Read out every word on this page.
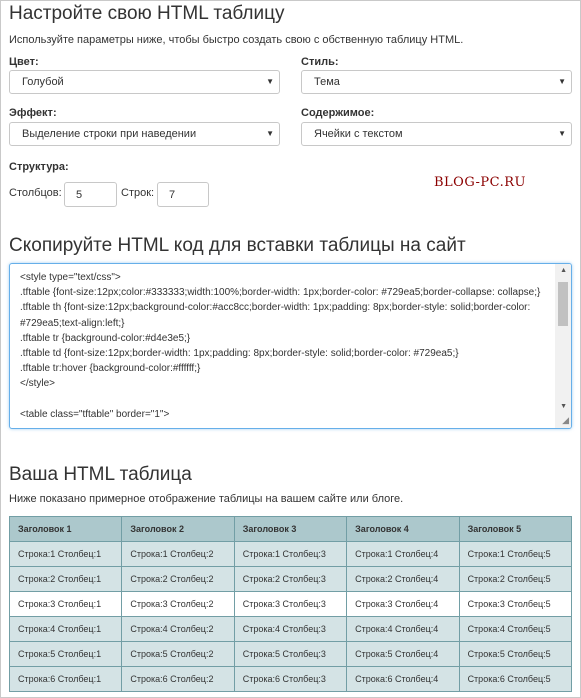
Настройте свою HTML таблицу
Используйте параметры ниже, чтобы быстро создать свою с обственную таблицу HTML.
Цвет:
Голубой	▼
Стиль:
Тема	▼
Эффект:
Выделение строки при наведении	▼
Содержимое:
Ячейки с текстом	▼
Структура:
Столбцов:	5	Строк:	7
BLOG-PC.RU
Скопируйте HTML код для вставки таблицы на сайт
<style type="text/css">
.tftable {font-size:12px;color:#333333;width:100%;border-width: 1px;border-color: #729ea5;border-collapse: collapse;}
.tftable th {font-size:12px;background-color:#acc8cc;border-width: 1px;padding: 8px;border-style: solid;border-color: #729ea5;text-align:left;}
.tftable tr {background-color:#d4e3e5;}
.tftable td {font-size:12px;border-width: 1px;padding: 8px;border-style: solid;border-color: #729ea5;}
.tftable tr:hover {background-color:#ffffff;}
</style>
<table class="tftable" border="1">
▲
▼
◢
Ваша HTML таблица
Ниже показано примерное отображение таблицы на вашем сайте или блоге.
Заголовок 1	Заголовок 2	Заголовок 3	Заголовок 4	Заголовок 5
Строка:1 Столбец:1	Строка:1 Столбец:2	Строка:1 Столбец:3	Строка:1 Столбец:4	Строка:1 Столбец:5
Строка:2 Столбец:1	Строка:2 Столбец:2	Строка:2 Столбец:3	Строка:2 Столбец:4	Строка:2 Столбец:5
Строка:3 Столбец:1	Строка:3 Столбец:2	Строка:3 Столбец:3	Строка:3 Столбец:4	Строка:3 Столбец:5
Строка:4 Столбец:1	Строка:4 Столбец:2	Строка:4 Столбец:3	Строка:4 Столбец:4	Строка:4 Столбец:5
Строка:5 Столбец:1	Строка:5 Столбец:2	Строка:5 Столбец:3	Строка:5 Столбец:4	Строка:5 Столбец:5
Строка:6 Столбец:1	Строка:6 Столбец:2	Строка:6 Столбец:3	Строка:6 Столбец:4	Строка:6 Столбец:5
